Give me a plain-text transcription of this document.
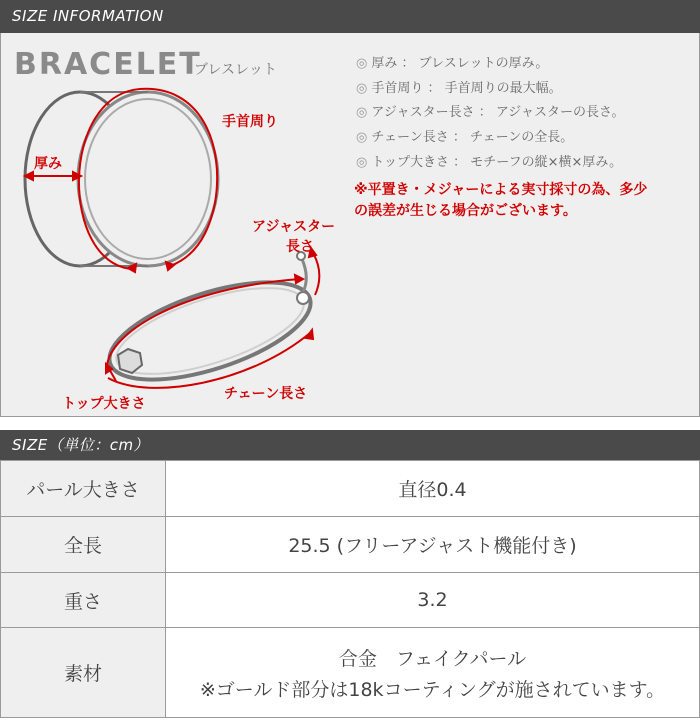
SIZE INFORMATION
BRACELET
ブレスレット	◎ 厚み ： ブレスレットの厚み。
◎ 手首周り ： 手首周りの最大幅。
◎ アジャスター長さ ： アジャスターの長さ。
◎ チェーン長さ ： チェーンの全長。
◎ トップ大きさ ： モチーフの縦×横×厚み。
※平置き・メジャーによる実寸採寸の為、多少
の誤差が生じる場合がございます。
厚み
手首周り
アジャスター
長さ
トップ大きさ
チェーン長さ
SIZE（単位：cm）
パール大きさ	直径0.4
全長	25.5 (フリーアジャスト機能付き)
重さ	3.2
素材	合金　フェイクパール
※ゴールド部分は18kコーティングが施されています。
